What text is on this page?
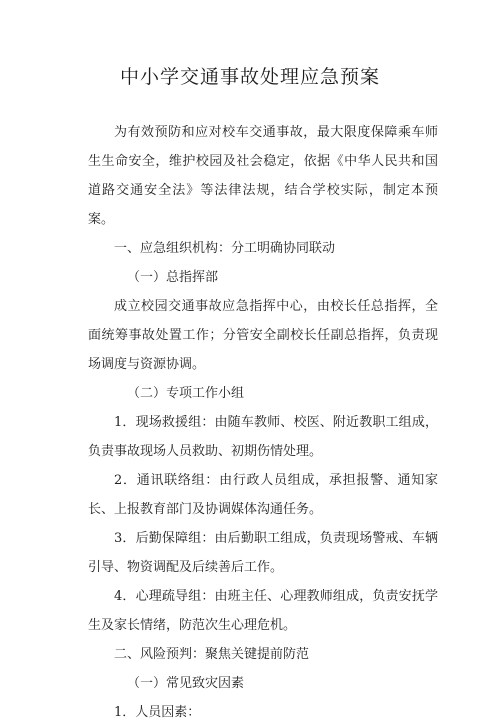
中小学交通事故处理应急预案

为有效预防和应对校车交通事故，最大限度保障乘车师生生命安全，维护校园及社会稳定，依据《中华人民共和国道路交通安全法》等法律法规，结合学校实际，制定本预案。

一、应急组织机构：分工明确协同联动

（一）总指挥部

成立校园交通事故应急指挥中心，由校长任总指挥，全面统筹事故处置工作；分管安全副校长任副总指挥，负责现场调度与资源协调。

（二）专项工作小组

1．现场救援组：由随车教师、校医、附近教职工组成，负责事故现场人员救助、初期伤情处理。

2．通讯联络组：由行政人员组成，承担报警、通知家长、上报教育部门及协调媒体沟通任务。

3．后勤保障组：由后勤职工组成，负责现场警戒、车辆引导、物资调配及后续善后工作。

4．心理疏导组：由班主任、心理教师组成，负责安抚学生及家长情绪，防范次生心理危机。

二、风险预判：聚焦关键提前防范

（一）常见致灾因素

1．人员因素：
